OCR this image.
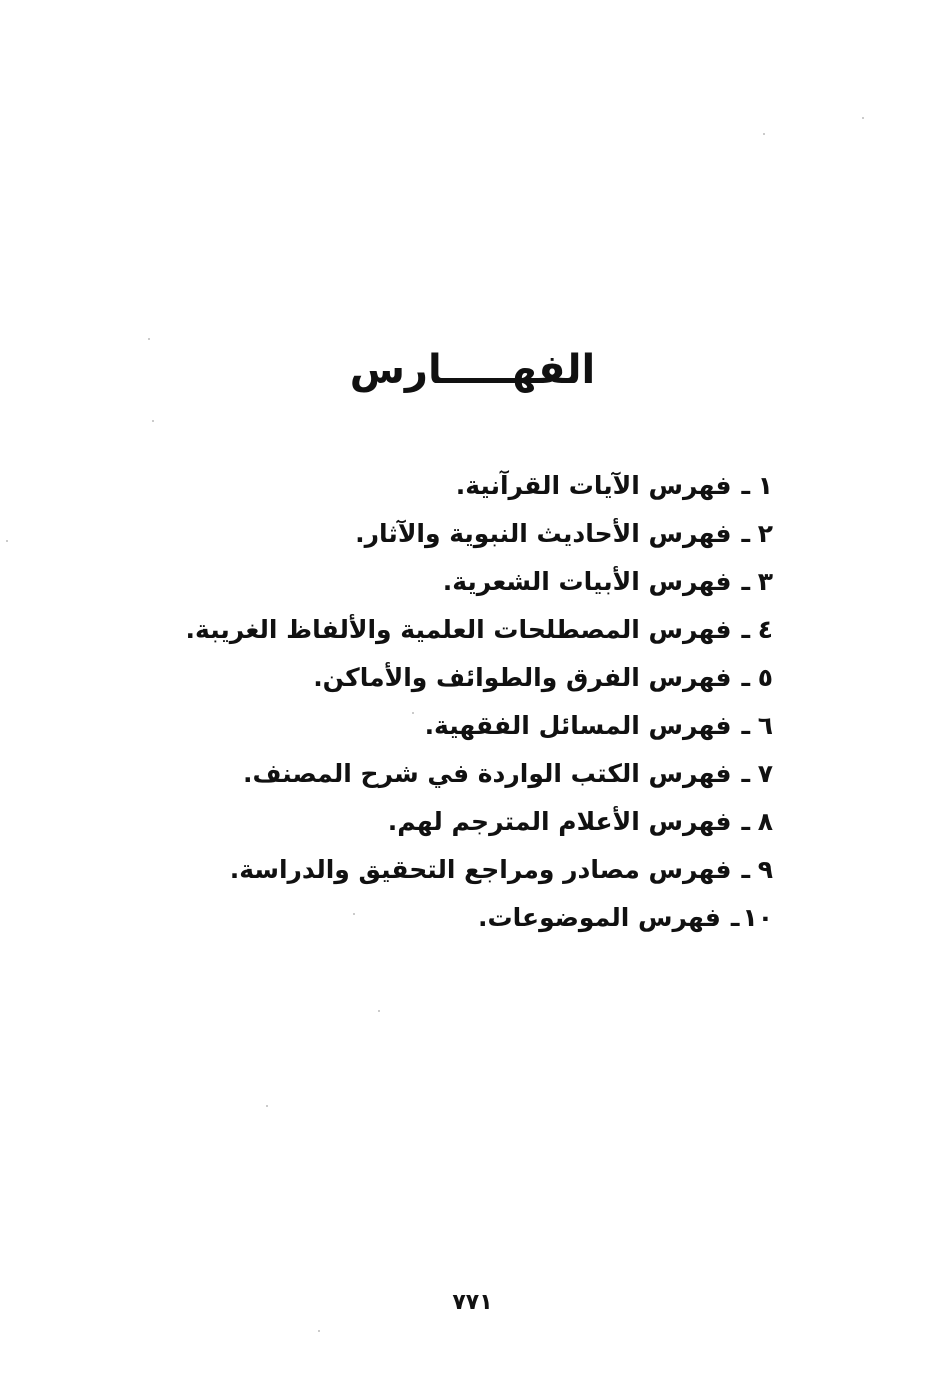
الفهـــــارس
١ـفهرس الآيات القرآنية.
٢ـفهرس الأحاديث النبوية والآثار.
٣ـفهرس الأبيات الشعرية.
٤ـفهرس المصطلحات العلمية والألفاظ الغريبة.
٥ـفهرس الفرق والطوائف والأماكن.
٦ـفهرس المسائل الفقهية.
٧ـفهرس الكتب الواردة في شرح المصنف.
٨ـفهرس الأعلام المترجم لهم.
٩ـفهرس مصادر ومراجع التحقيق والدراسة.
١٠ـفهرس الموضوعات.
٧٧١
